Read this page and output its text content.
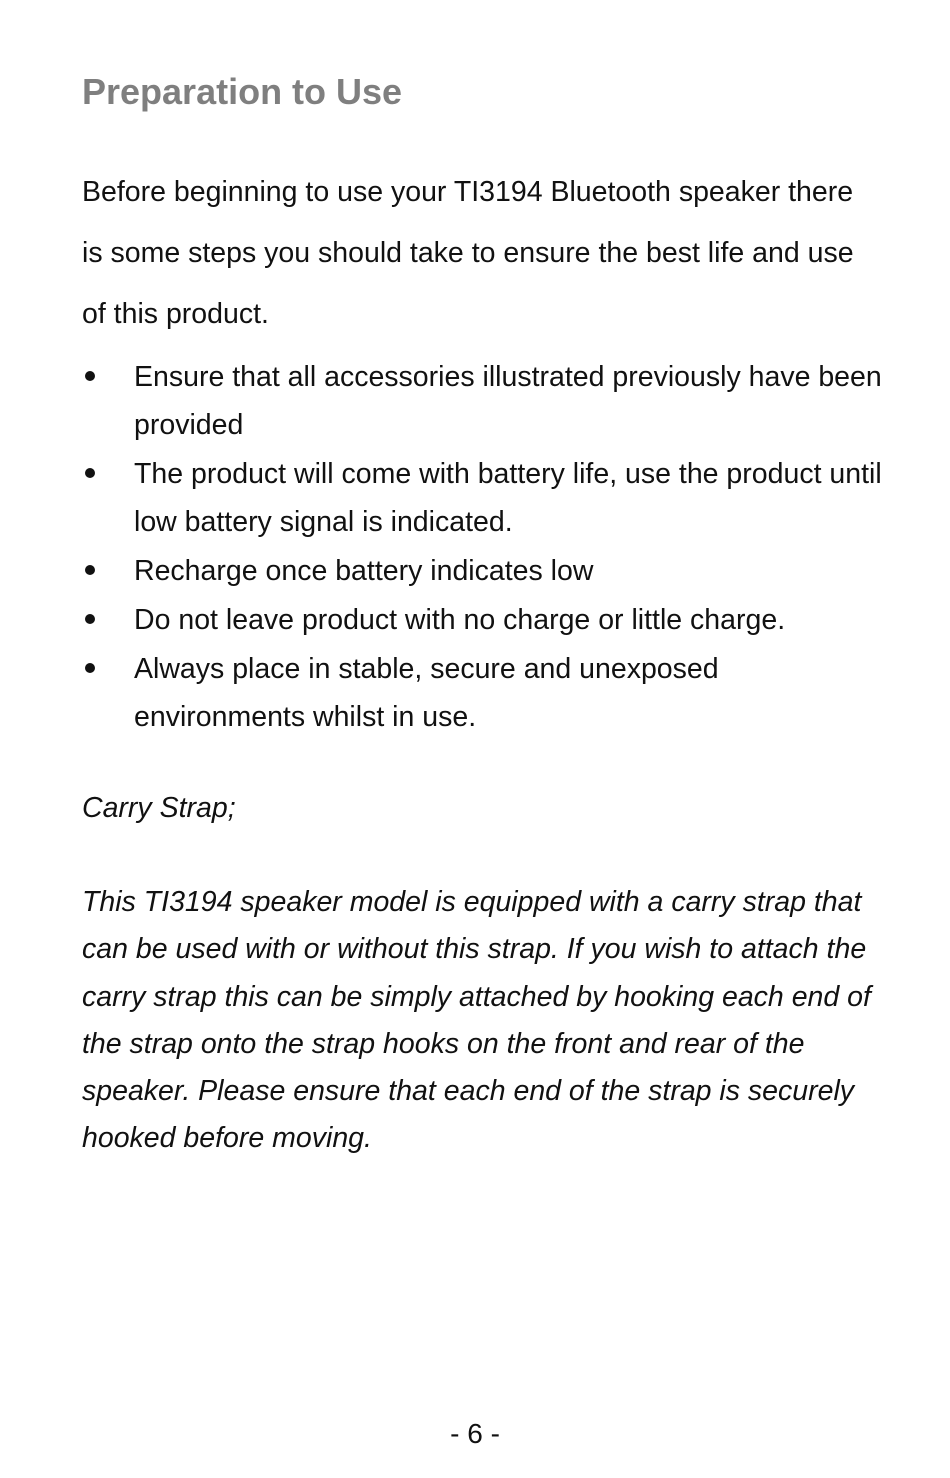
Preparation to Use

Before beginning to use your TI3194 Bluetooth speaker there is some steps you should take to ensure the best life and use of this product.

Ensure that all accessories illustrated previously have been provided
The product will come with battery life, use the product until low battery signal is indicated.
Recharge once battery indicates low
Do not leave product with no charge or little charge.
Always place in stable, secure and unexposed environments whilst in use.

Carry Strap;

This TI3194 speaker model is equipped with a carry strap that can be used with or without this strap. If you wish to attach the carry strap this can be simply attached by hooking each end of the strap onto the strap hooks on the front and rear of the speaker. Please ensure that each end of the strap is securely hooked before moving.

- 6 -
